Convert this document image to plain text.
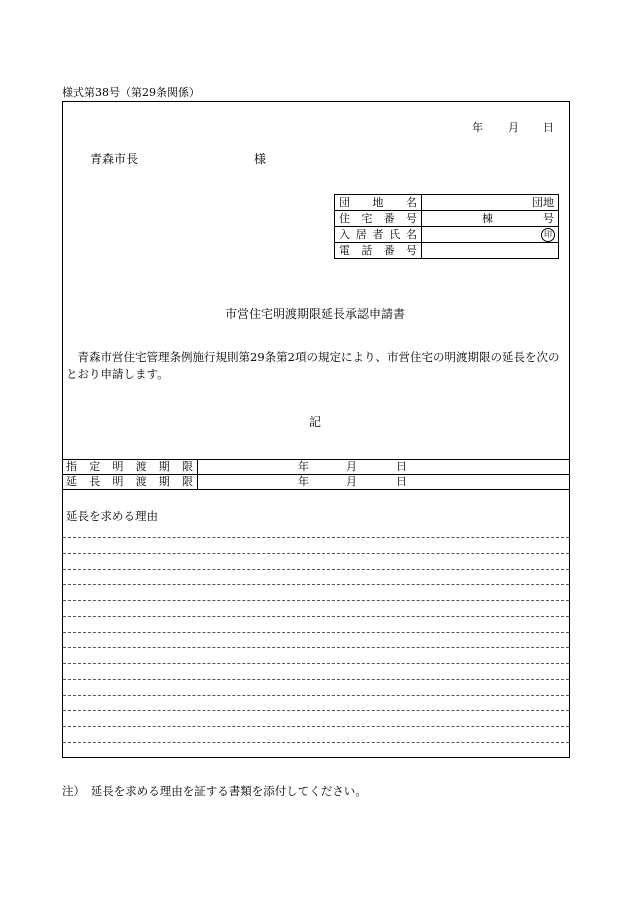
様式第38号（第29条関係）
年 月 日
青森市長	様
団地名	団地

住宅番号	棟 号

入居者氏名	印

電話番号	
市営住宅明渡期限延長承認申請書
青森市営住宅管理条例施行規則第29条第2項の規定により、市営住宅の明渡期限の延長を次のとおり申請します。
記
指定明渡期限	年	月	日
延長明渡期限	年	月	日
延長を求める理由
注）　延長を求める理由を証する書類を添付してください。
